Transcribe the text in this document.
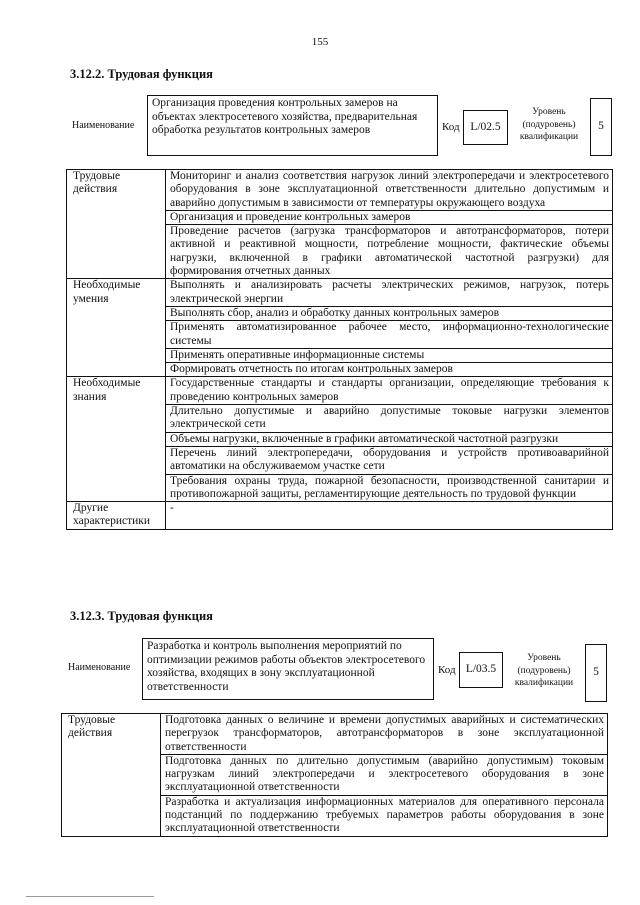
155
3.12.2. Трудовая функция
Наименование
Организация проведения контрольных замеров на объектах электросетевого хозяйства, предварительная обработка результатов контрольных замеров	Код L/02.5
Уровень (подуровень) квалификации
5
Трудовые действия	Мониторинг и анализ соответствия нагрузок линий электропередачи и электросетевого оборудования в зоне эксплуатационной ответственности длительно допустимым и аварийно допустимым в зависимости от температуры окружающего воздуха
	Организация и проведение контрольных замеров
	Проведение расчетов (загрузка трансформаторов и автотрансформаторов, потери активной и реактивной мощности, потребление мощности, фактические объемы нагрузки, включенной в графики автоматической частотной разгрузки) для формирования отчетных данных
Необходимые умения	Выполнять и анализировать расчеты электрических режимов, нагрузок, потерь электрической энергии
	Выполнять сбор, анализ и обработку данных контрольных замеров
	Применять автоматизированное рабочее место, информационно-технологические системы
	Применять оперативные информационные системы
	Формировать отчетность по итогам контрольных замеров
Необходимые знания	Государственные стандарты и стандарты организации, определяющие требования к проведению контрольных замеров
	Длительно допустимые и аварийно допустимые токовые нагрузки элементов электрической сети
	Объемы нагрузки, включенные в графики автоматической частотной разгрузки
	Перечень линий электропередачи, оборудования и устройств противоаварийной автоматики на обслуживаемом участке сети
	Требования охраны труда, пожарной безопасности, производственной санитарии и противопожарной защиты, регламентирующие деятельность по трудовой функции
Другие характеристики	-
3.12.3. Трудовая функция
Наименование
Разработка и контроль выполнения мероприятий по оптимизации режимов работы объектов электросетевого хозяйства, входящих в зону эксплуатационной ответственности
Код L/03.5
Уровень (подуровень) квалификации
5
Трудовые действия	Подготовка данных о величине и времени допустимых аварийных и систематических перегрузок трансформаторов, автотрансформаторов в зоне эксплуатационной ответственности
Подготовка данных по длительно допустимым (аварийно допустимым) токовым нагрузкам линий электропередачи и электросетевого оборудования в зоне эксплуатационной ответственности
Разработка и актуализация информационных материалов для оперативного персонала подстанций по поддержанию требуемых параметров работы оборудования в зоне эксплуатационной ответственности
